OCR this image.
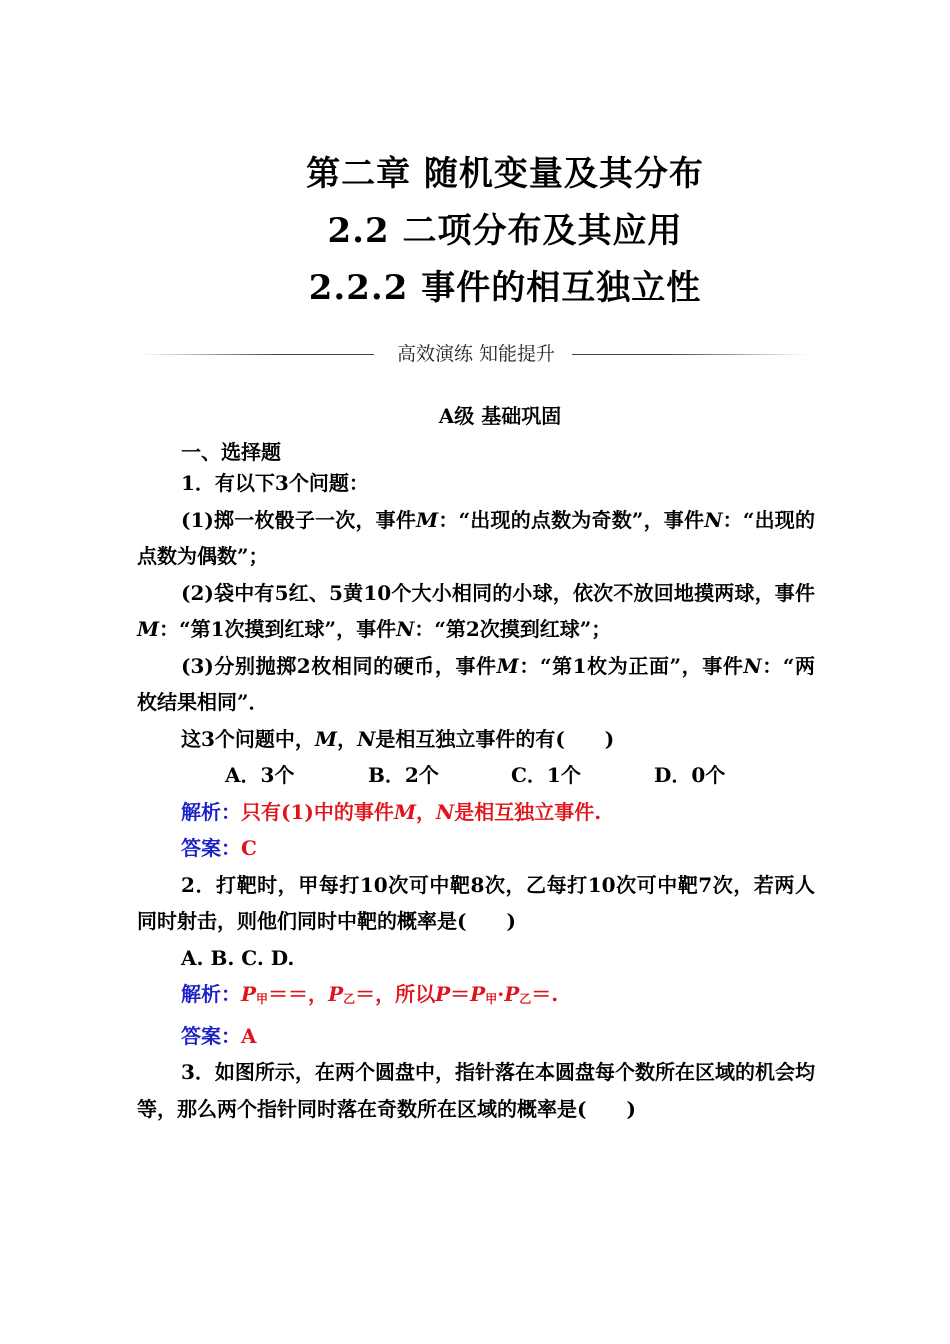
第二章 随机变量及其分布
2.2 二项分布及其应用
2.2.2 事件的相互独立性
高效演练 知能提升
A级 基础巩固
一、选择题

1．有以下3个问题：

(1)掷一枚骰子一次，事件M：“出现的点数为奇数”，事件N：“出现的点数为偶数”；

(2)袋中有5红、5黄10个大小相同的小球，依次不放回地摸两球，事件M：“第1次摸到红球”，事件N：“第2次摸到红球”；

(3)分别抛掷2枚相同的硬币，事件M：“第1枚为正面”，事件N：“两枚结果相同”．

这3个问题中，M，N是相互独立事件的有(　　)

A．3个	B．2个	C．1个	D．0个

解析：只有(1)中的事件M，N是相互独立事件.

答案：C

2．打靶时，甲每打10次可中靶8次，乙每打10次可中靶7次，若两人同时射击，则他们同时中靶的概率是(　　)

A. B. C. D.

解析：$P_甲==$，$P_乙=$，所以$P=P_甲\cdot P_乙=$.

答案：A

3．如图所示，在两个圆盘中，指针落在本圆盘每个数所在区域的机会均等，那么两个指针同时落在奇数所在区域的概率是(　　)
